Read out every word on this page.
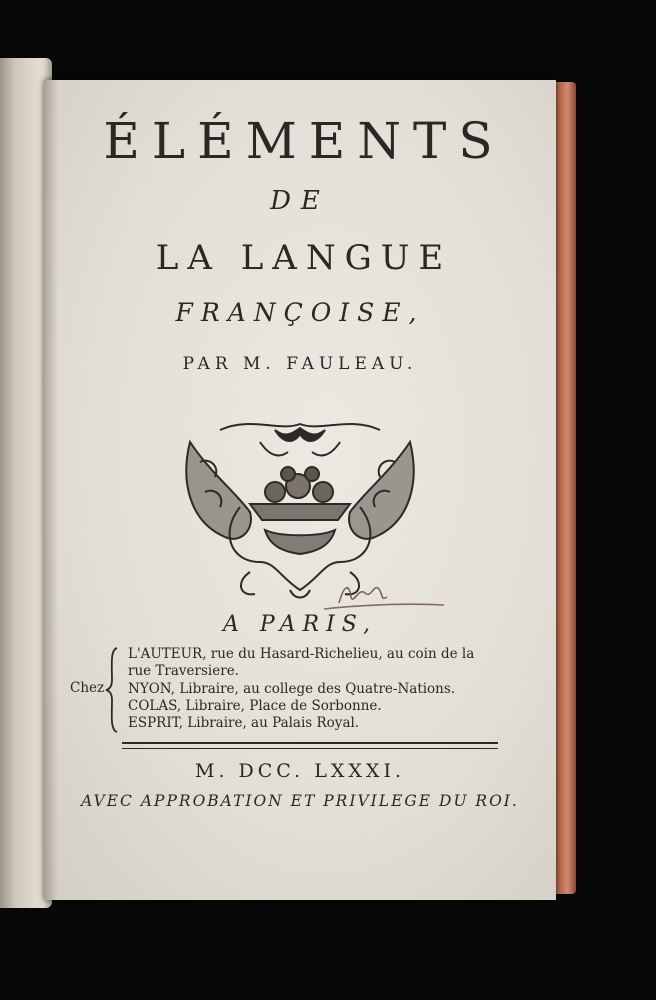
ÉLÉMENTS
DE
LA LANGUE
FRANÇOISE,
PAR M. FAULEAU.
A PARIS,
Chez
L'AUTEUR, rue du Hasard-Richelieu, au coin de la
rue Traversiere.
NYON, Libraire, au college des Quatre-Nations.
COLAS, Libraire, Place de Sorbonne.
ESPRIT, Libraire, au Palais Royal.
M. DCC. LXXXI.
AVEC APPROBATION ET PRIVILEGE DU ROI.
